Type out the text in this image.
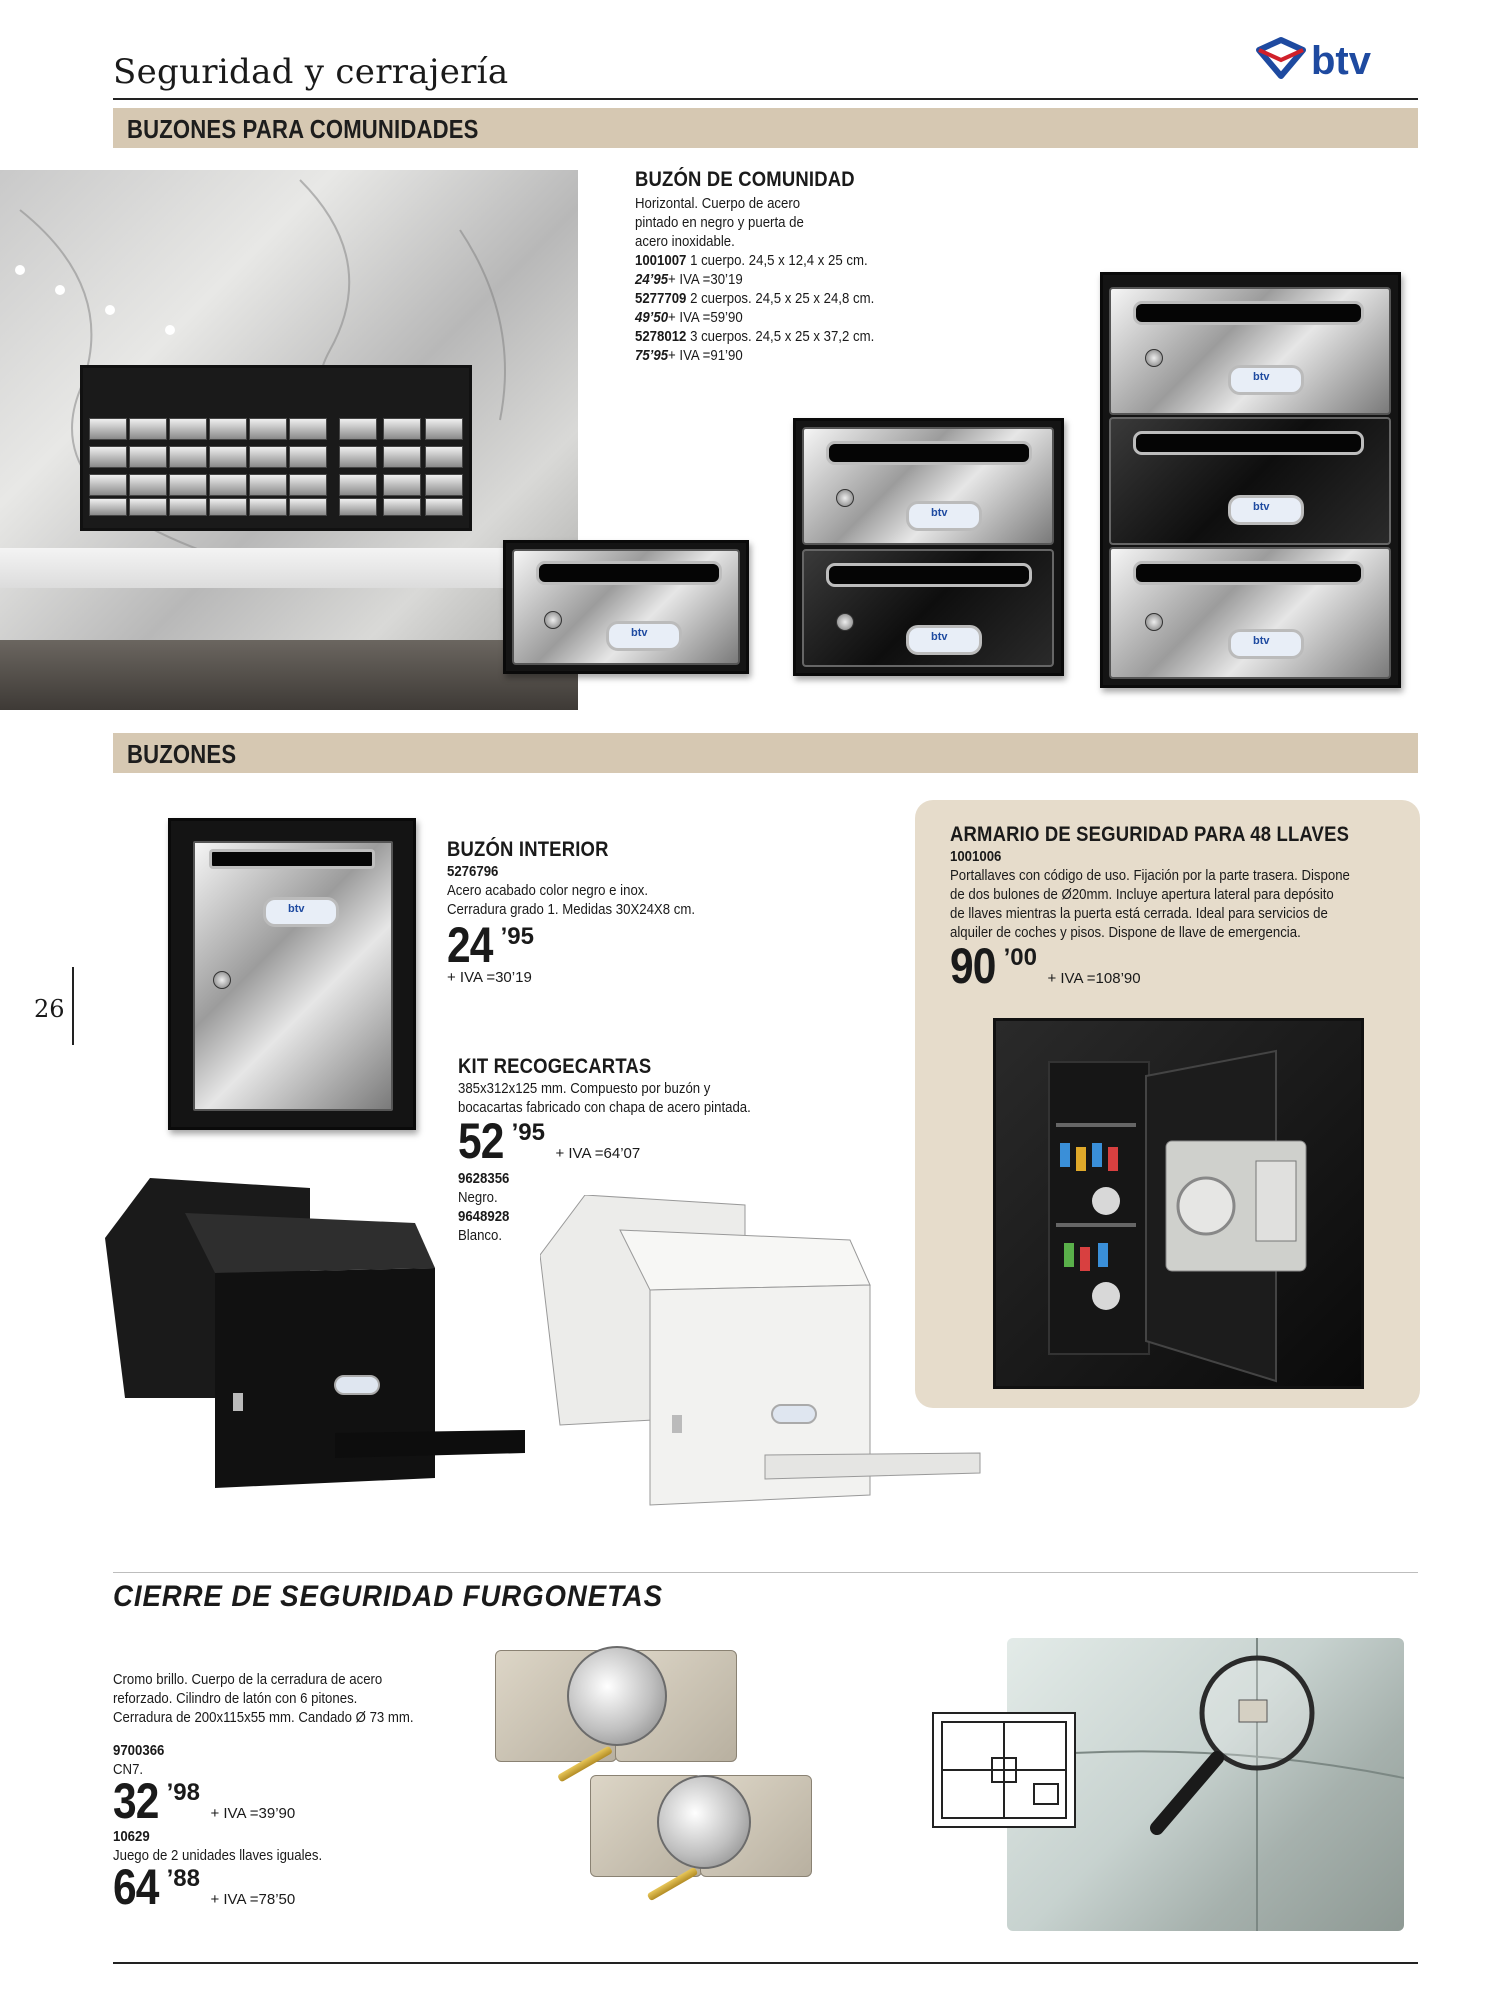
Seguridad y cerrajería	btv
BUZONES PARA COMUNIDADES
BUZÓN DE COMUNIDAD
Horizontal. Cuerpo de acero
pintado en negro y puerta de
acero inoxidable.
1001007 1 cuerpo. 24,5 x 12,4 x 25 cm.
24’95+ IVA =30’19
5277709 2 cuerpos. 24,5 x 25 x 24,8 cm.
49’50+ IVA =59’90
5278012 3 cuerpos. 24,5 x 25 x 37,2 cm.
75’95+ IVA =91’90
btv
btv
btv
btv
btv
btv
BUZONES
btv
BUZÓN INTERIOR
5276796
Acero acabado color negro e inox.
Cerradura grado 1. Medidas 30X24X8 cm.
24 ’95
+ IVA =30’19
KIT RECOGECARTAS
385x312x125 mm. Compuesto por buzón y
bocacartas fabricado con chapa de acero pintada.
52 ’95 + IVA =64’07
9628356
Negro.
9648928
Blanco.
ARMARIO DE SEGURIDAD PARA 48 LLAVES
1001006
Portallaves con código de uso. Fijación por la parte trasera. Dispone
de dos bulones de Ø20mm. Incluye apertura lateral para depósito
de llaves mientras la puerta está cerrada. Ideal para servicios de
alquiler de coches y pisos. Dispone de llave de emergencia.
90 ’00 + IVA =108’90
26
CIERRE DE SEGURIDAD FURGONETAS
Cromo brillo. Cuerpo de la cerradura de acero
reforzado. Cilindro de latón con 6 pitones.
Cerradura de 200x115x55 mm. Candado Ø 73 mm.
9700366
CN7.
32 ’98 + IVA =39’90
10629
Juego de 2 unidades llaves iguales.
64 ’88 + IVA =78’50
